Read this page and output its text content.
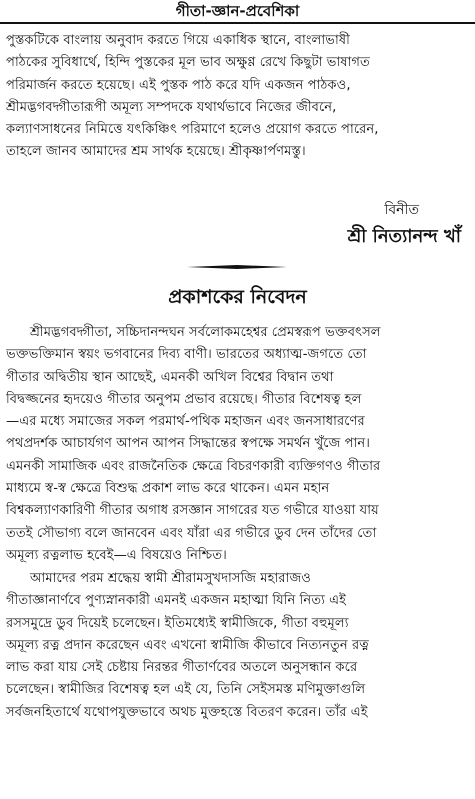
গীতা-জ্ঞান-প্রবেশিকা
পুস্তকটিকে বাংলায় অনুবাদ করতে গিয়ে একাধিক স্থানে, বাংলাভাষী
পাঠকের সুবিধার্থে, হিন্দি পুস্তকের মূল ভাব অক্ষুণ্ণ রেখে কিছুটা ভাষাগত
পরিমার্জন করতে হয়েছে। এই পুস্তক পাঠ করে যদি একজন পাঠকও,
শ্রীমদ্ভগবদ্গীতারূপী অমূল্য সম্পদকে যথার্থভাবে নিজের জীবনে,
কল্যাণসাধনের নিমিত্তে যৎকিঞ্চিৎ পরিমাণে হলেও প্রয়োগ করতে পারেন,
তাহলে জানব আমাদের শ্রম সার্থক হয়েছে। শ্রীকৃষ্ণার্পণমস্তু।
বিনীত
শ্রী নিত্যানন্দ খাঁ
প্রকাশকের নিবেদন
শ্রীমদ্ভগবদ্গীতা, সচ্চিদানন্দঘন সর্বলোকমহেশ্বর প্রেমস্বরূপ ভক্তবৎসল
ভক্তভক্তিমান স্বয়ং ভগবানের দিব্য বাণী। ভারতের অধ্যাত্ম-জগতে তো
গীতার অদ্বিতীয় স্থান আছেই, এমনকী অখিল বিশ্বের বিদ্বান তথা
বিদ্বজ্জনের হৃদয়েও গীতার অনুপম প্রভাব রয়েছে। গীতার বিশেষত্ব হল
—এর মধ্যে সমাজের সকল পরমার্থ-পথিক মহাজন এবং জনসাধারণের
পথপ্রদর্শক আচার্যগণ আপন আপন সিদ্ধান্তের স্বপক্ষে সমর্থন খুঁজে পান।
এমনকী সামাজিক এবং রাজনৈতিক ক্ষেত্রে বিচরণকারী ব্যক্তিগণও গীতার
মাধ্যমে স্ব-স্ব ক্ষেত্রে বিশুদ্ধ প্রকাশ লাভ করে থাকেন। এমন মহান
বিশ্বকল্যাণকারিণী গীতার অগাধ রসজ্ঞান সাগরের যত গভীরে যাওয়া যায়
ততই সৌভাগ্য বলে জানবেন এবং যাঁরা এর গভীরে ডুব দেন তাঁদের তো
অমূল্য রত্নলাভ হবেই—এ বিষয়েও নিশ্চিত।
আমাদের পরম শ্রদ্ধেয় স্বামী শ্রীরামসুখদাসজি মহারাজও
গীতাজ্ঞানার্ণবে পুণ্যস্নানকারী এমনই একজন মহাত্মা যিনি নিত্য এই
রসসমুদ্রে ডুব দিয়েই চলেছেন। ইতিমধ্যেই স্বামীজিকে, গীতা বহুমূল্য
অমূল্য রত্ন প্রদান করেছেন এবং এখনো স্বামীজি কীভাবে নিত্যনতুন রত্ন
লাভ করা যায় সেই চেষ্টায় নিরন্তর গীতার্ণবের অতলে অনুসন্ধান করে
চলেছেন। স্বামীজির বিশেষত্ব হল এই যে, তিনি সেইসমস্ত মণিমুক্তাগুলি
সর্বজনহিতার্থে যথোপযুক্তভাবে অথচ মুক্তহস্তে বিতরণ করেন। তাঁর এই
